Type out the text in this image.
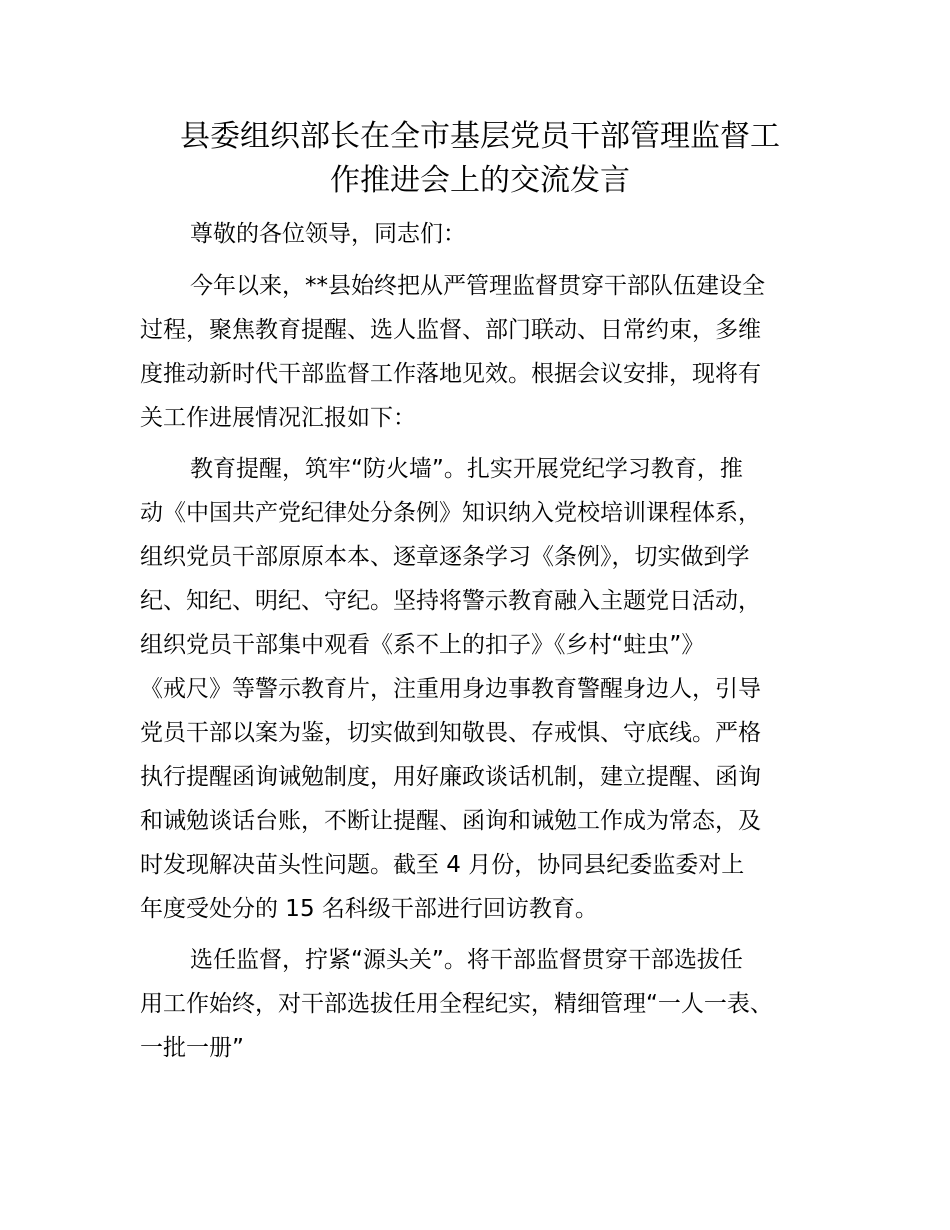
县委组织部长在全市基层党员干部管理监督工
作推进会上的交流发言

尊敬的各位领导，同志们：

今年以来，**县始终把从严管理监督贯穿干部队伍建设全

过程，聚焦教育提醒、选人监督、部门联动、日常约束，多维

度推动新时代干部监督工作落地见效。根据会议安排，现将有

关工作进展情况汇报如下：

教育提醒，筑牢“防火墙”。扎实开展党纪学习教育，推

动《中国共产党纪律处分条例》知识纳入党校培训课程体系，

组织党员干部原原本本、逐章逐条学习《条例》，切实做到学

纪、知纪、明纪、守纪。坚持将警示教育融入主题党日活动，

组织党员干部集中观看《系不上的扣子》《乡村“蛀虫”》

《戒尺》等警示教育片，注重用身边事教育警醒身边人，引导

党员干部以案为鉴，切实做到知敬畏、存戒惧、守底线。严格

执行提醒函询诫勉制度，用好廉政谈话机制，建立提醒、函询

和诫勉谈话台账，不断让提醒、函询和诫勉工作成为常态，及

时发现解决苗头性问题。截至 4 月份，协同县纪委监委对上

年度受处分的 15 名科级干部进行回访教育。

选任监督，拧紧“源头关”。将干部监督贯穿干部选拔任

用工作始终，对干部选拔任用全程纪实，精细管理“一人一表、

一批一册”
